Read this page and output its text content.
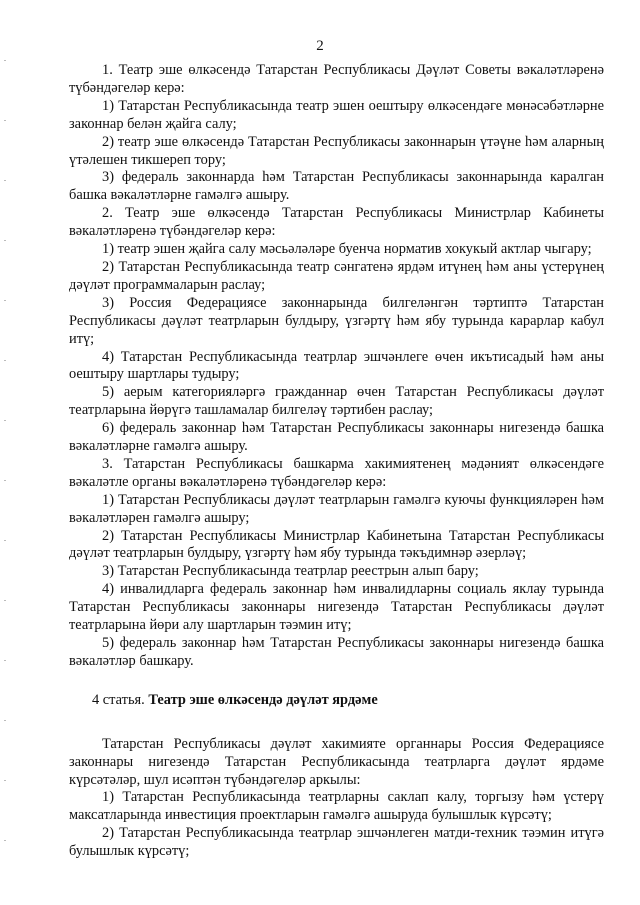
2

1. Театр эше өлкәсендә Татарстан Республикасы Дәүләт Советы вәкаләтләренә түбәндәгеләр керә:

1) Татарстан Республикасында театр эшен оештыру өлкәсендәге мөнәсәбәтләрне законнар белән җайга салу;

2) театр эше өлкәсендә Татарстан Республикасы законнарын үтәүне һәм аларның үтәлешен тикшереп тору;

3) федераль законнарда һәм Татарстан Республикасы законнарында каралган башка вәкаләтләрне гамәлгә ашыру.

2. Театр эше өлкәсендә Татарстан Республикасы Министрлар Кабинеты вәкаләтләренә түбәндәгеләр керә:

1) театр эшен җайга салу мәсьәләләре буенча норматив хокукый актлар чыгару;

2) Татарстан Республикасында театр сәнгатенә ярдәм итүнең һәм аны үстерүнең дәүләт программаларын раслау;

3) Россия Федерациясе законнарында билгеләнгән тәртиптә Татарстан Республикасы дәүләт театрларын булдыру, үзгәртү һәм ябу турында карарлар кабул итү;

4) Татарстан Республикасында театрлар эшчәнлеге өчен икътисадый һәм аны оештыру шартлары тудыру;

5) аерым категорияләргә гражданнар өчен Татарстан Республикасы дәүләт театрларына йөрүгә ташламалар билгеләү тәртибен раслау;

6) федераль законнар һәм Татарстан Республикасы законнары нигезендә башка вәкаләтләрне гамәлгә ашыру.

3. Татарстан Республикасы башкарма хакимиятенең мәдәният өлкәсендәге вәкаләтле органы вәкаләтләренә түбәндәгеләр керә:

1) Татарстан Республикасы дәүләт театрларын гамәлгә куючы функцияләрен һәм вәкаләтләрен гамәлгә ашыру;

2) Татарстан Республикасы Министрлар Кабинетына Татарстан Республикасы дәүләт театрларын булдыру, үзгәртү һәм ябу турында тәкъдимнәр әзерләү;

3) Татарстан Республикасында театрлар реестрын алып бару;

4) инвалидларга федераль законнар һәм инвалидларны социаль яклау турында Татарстан Республикасы законнары нигезендә Татарстан Республикасы дәүләт театрларына йөри алу шартларын тәэмин итү;

5) федераль законнар һәм Татарстан Республикасы законнары нигезендә башка вәкаләтләр башкару.

4 статья. Театр эше өлкәсендә дәүләт ярдәме

Татарстан Республикасы дәүләт хакимияте органнары Россия Федерациясе законнары нигезендә Татарстан Республикасында театрларга дәүләт ярдәме күрсәтәләр, шул исәптән түбәндәгеләр аркылы:

1) Татарстан Республикасында театрларны саклап калу, торгызу һәм үстерү максатларында инвестиция проектларын гамәлгә ашыруда булышлык күрсәтү;

2) Татарстан Республикасында театрлар эшчәнлеген матди-техник тәэмин итүгә булышлык күрсәтү;
